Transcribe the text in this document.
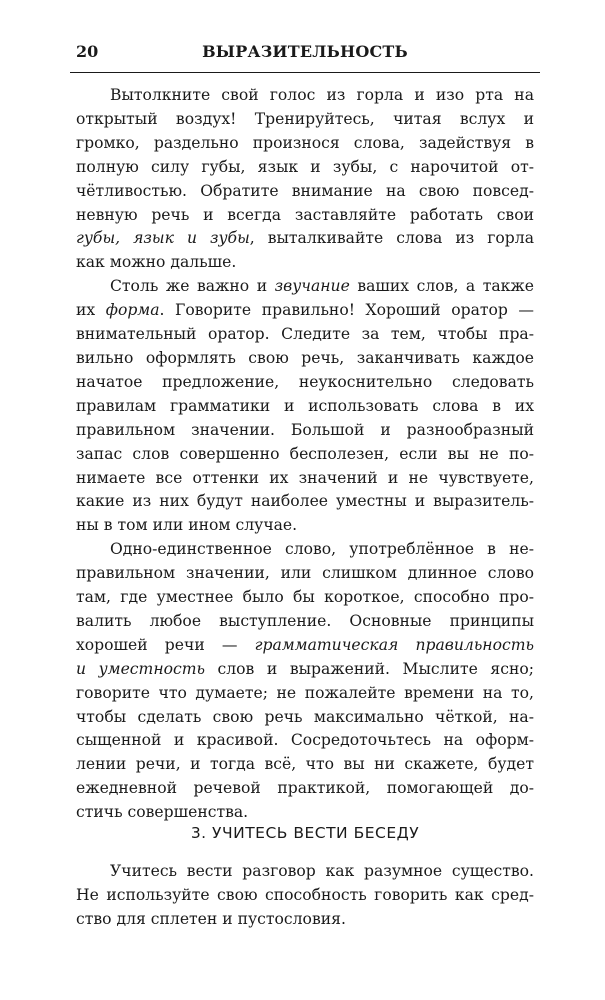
20	ВЫРАЗИТЕЛЬНОСТЬ
Вытолкните свой голос из горла и изо рта на
открытый воздух! Тренируйтесь, читая вслух и
громко, раздельно произнося слова, задействуя в
полную силу губы, язык и зубы, с нарочитой от-
чётливостью. Обратите внимание на свою повсед-
невную речь и всегда заставляйте работать свои
губы, язык и зубы, выталкивайте слова из горла
как можно дальше.
Столь же важно и звучание ваших слов, а также
их форма. Говорите правильно! Хороший оратор —
внимательный оратор. Следите за тем, чтобы пра-
вильно оформлять свою речь, заканчивать каждое
начатое предложение, неукоснительно следовать
правилам грамматики и использовать слова в их
правильном значении. Большой и разнообразный
запас слов совершенно бесполезен, если вы не по-
нимаете все оттенки их значений и не чувствуете,
какие из них будут наиболее уместны и выразитель-
ны в том или ином случае.
Одно-единственное слово, употреблённое в не-
правильном значении, или слишком длинное слово
там, где уместнее было бы короткое, способно про-
валить любое выступление. Основные принципы
хорошей речи — грамматическая правильность
и уместность слов и выражений. Мыслите ясно;
говорите что думаете; не пожалейте времени на то,
чтобы сделать свою речь максимально чёткой, на-
сыщенной и красивой. Сосредоточьтесь на оформ-
лении речи, и тогда всё, что вы ни скажете, будет
ежедневной речевой практикой, помогающей до-
стичь совершенства.
3. УЧИТЕСЬ ВЕСТИ БЕСЕДУ
Учитесь вести разговор как разумное существо.
Не используйте свою способность говорить как сред-
ство для сплетен и пустословия.
